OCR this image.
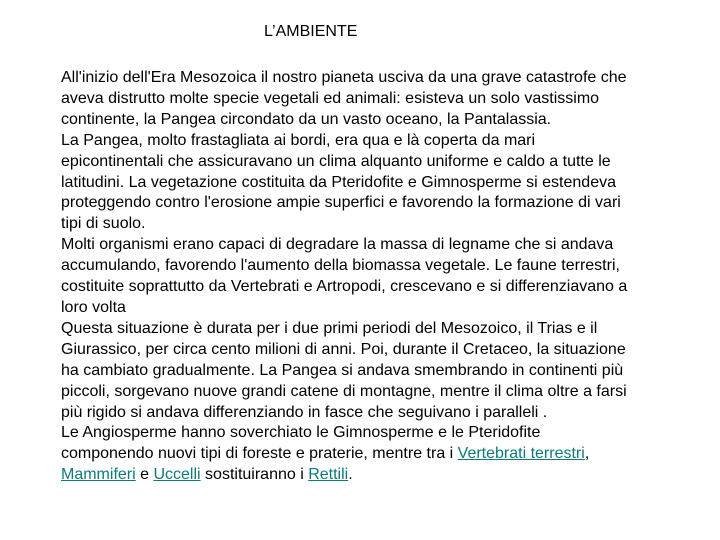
L’AMBIENTE

All'inizio dell'Era Mesozoica il nostro pianeta usciva da una grave catastrofe che
aveva distrutto molte specie vegetali ed animali: esisteva un solo vastissimo
continente, la Pangea circondato da un vasto oceano, la Pantalassia.

La Pangea, molto frastagliata ai bordi, era qua e là coperta da mari
epicontinentali che assicuravano un clima alquanto uniforme e caldo a tutte le
latitudini. La vegetazione costituita da Pteridofite e Gimnosperme si estendeva
proteggendo contro l'erosione ampie superfici e favorendo la formazione di vari
tipi di suolo.

Molti organismi erano capaci di degradare la massa di legname che si andava
accumulando, favorendo l'aumento della biomassa vegetale. Le faune terrestri,
costituite soprattutto da Vertebrati e Artropodi, crescevano e si differenziavano a
loro volta

Questa situazione è durata per i due primi periodi del Mesozoico, il Trias e il
Giurassico, per circa cento milioni di anni. Poi, durante il Cretaceo, la situazione
ha cambiato gradualmente. La Pangea si andava smembrando in continenti più
piccoli, sorgevano nuove grandi catene di montagne, mentre il clima oltre a farsi
più rigido si andava differenziando in fasce che seguivano i paralleli .

Le Angiosperme hanno soverchiato le Gimnosperme e le Pteridofite
componendo nuovi tipi di foreste e praterie, mentre tra i Vertebrati terrestri,
Mammiferi e Uccelli sostituiranno i Rettili.
